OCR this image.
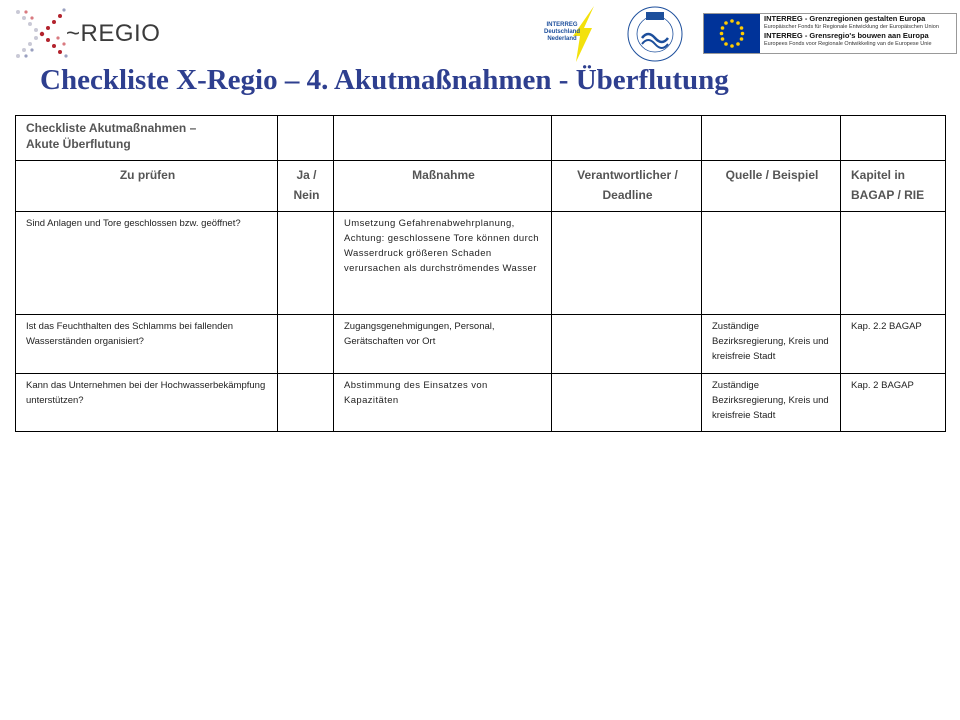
~REGIO	INTERREG Deutschland Nederland
INTERREG - Grenzregionen gestalten Europa
Europäischer Fonds für Regionale Entwicklung der Europäischen Union
INTERREG - Grensregio's bouwen aan Europa
Europees Fonds voor Regionale Ontwikkeling van de Europese Unie
Checkliste X-Regio – 4. Akutmaßnahmen - Überflutung
Checkliste Akutmaßnahmen –
Akute Überflutung					

Zu prüfen	Ja / Nein	Maßnahme	Verantwortlicher / Deadline	Quelle / Beispiel	Kapitel in BAGAP / RIE
Sind Anlagen und Tore geschlossen bzw. geöffnet?		Umsetzung Gefahrenabwehrplanung, Achtung: geschlossene Tore können durch Wasserdruck größeren Schaden verursachen als durchströmendes Wasser			
Ist das Feuchthalten des Schlamms bei fallenden Wasserständen organisiert?		Zugangsgenehmigungen, Personal, Gerätschaften vor Ort		Zuständige Bezirksregierung, Kreis und kreisfreie Stadt	Kap. 2.2 BAGAP
Kann das Unternehmen bei der Hochwasserbekämpfung unterstützen?		Abstimmung des Einsatzes von Kapazitäten		Zuständige Bezirksregierung, Kreis und kreisfreie Stadt	Kap. 2 BAGAP
